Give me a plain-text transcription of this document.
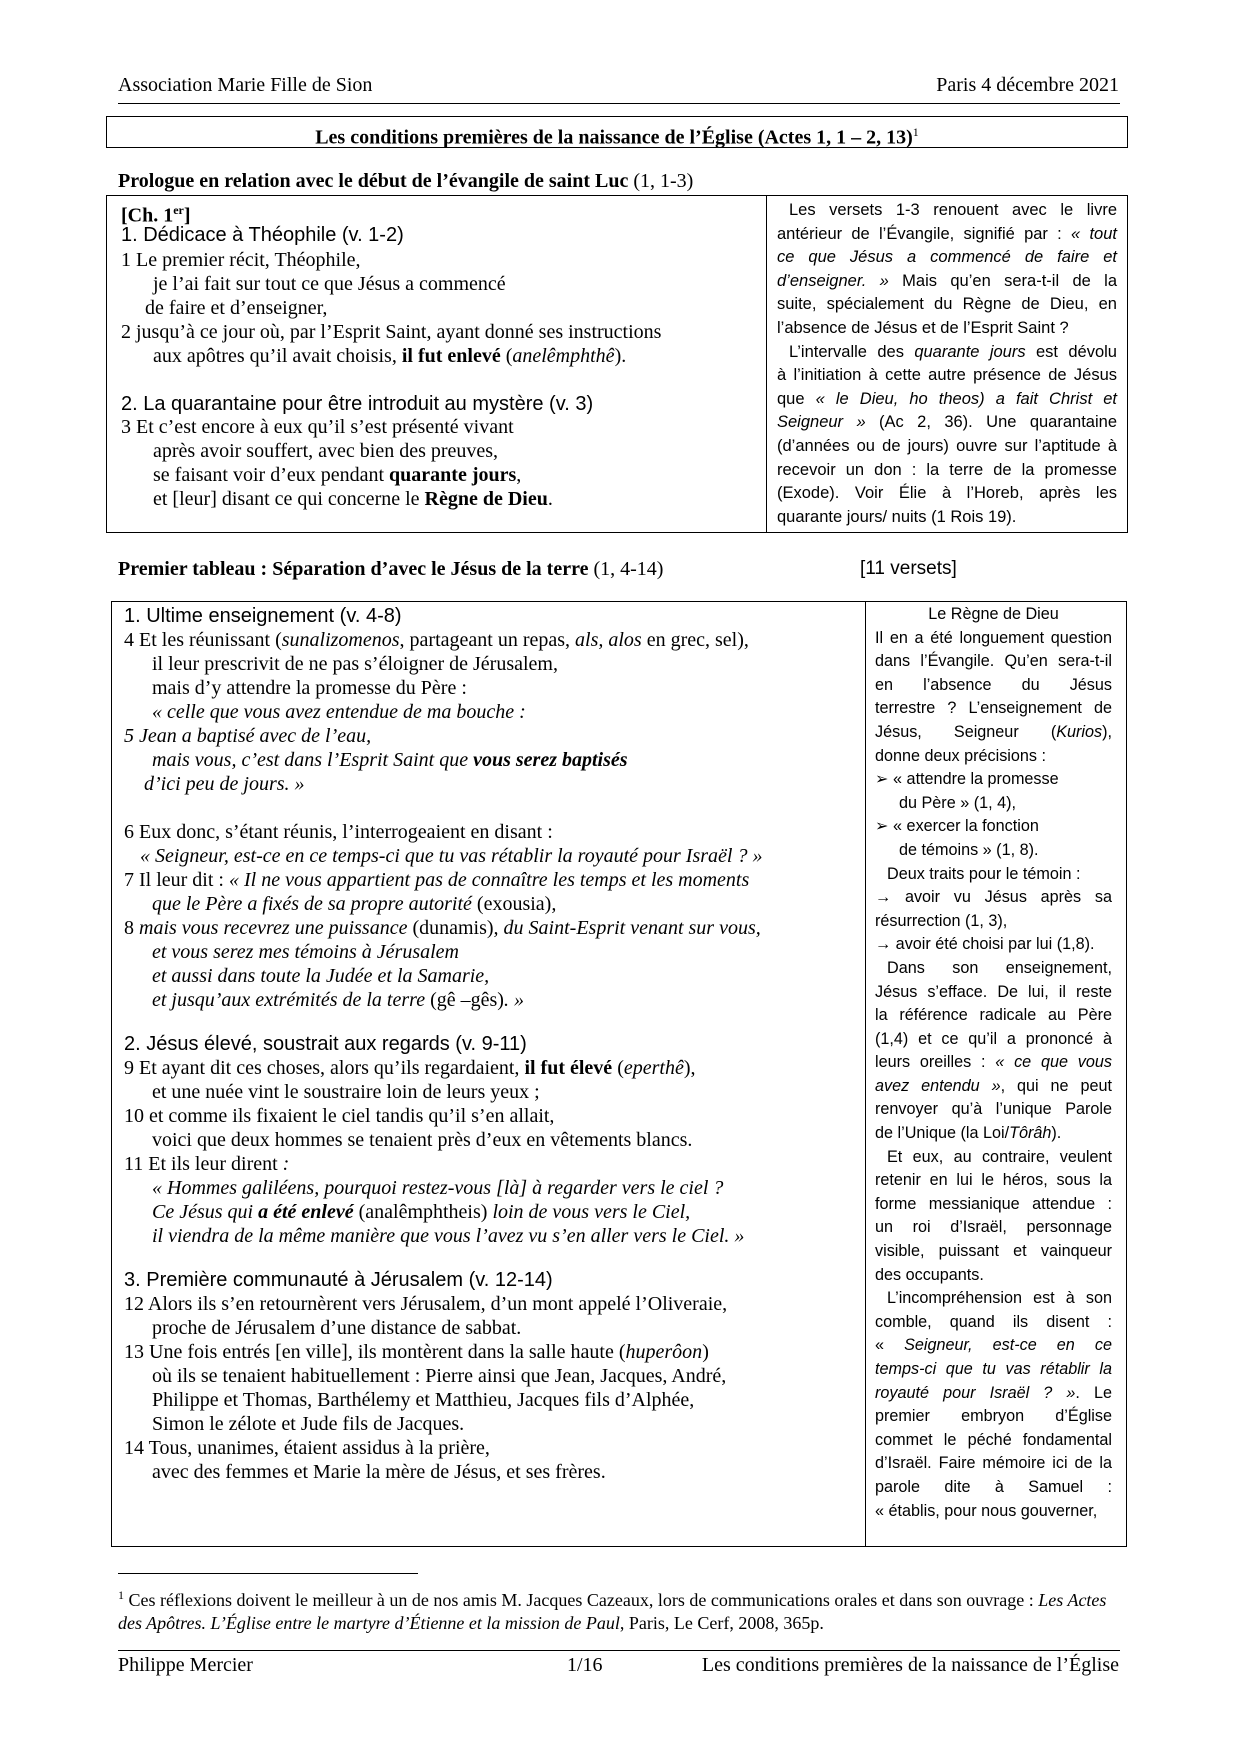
Association Marie Fille de Sion	Paris 4 décembre 2021
Les conditions premières de la naissance de l’Église (Actes 1, 1 – 2, 13)$^1$
Prologue en relation avec le début de l’évangile de saint Luc (1, 1-3)
[Ch. 1er]
1. Dédicace à Théophile (v. 1-2)
1 Le premier récit, Théophile,
je l’ai fait sur tout ce que Jésus a commencé
de faire et d’enseigner,
2 jusqu’à ce jour où, par l’Esprit Saint, ayant donné ses instructions
aux apôtres qu’il avait choisis, il fut enlevé (anelêmphthê).
2. La quarantaine pour être introduit au mystère (v. 3)
3 Et c’est encore à eux qu’il s’est présenté vivant
après avoir souffert, avec bien des preuves,
se faisant voir d’eux pendant quarante jours,
et [leur] disant ce qui concerne le Règne de Dieu.
Les versets 1-3 renouent avec le livre
antérieur de l’Évangile, signifié par : « tout
ce que Jésus a commencé de faire et
d’enseigner. » Mais qu’en sera-t-il de la
suite, spécialement du Règne de Dieu, en
l’absence de Jésus et de l’Esprit Saint ?
L’intervalle des quarante jours est dévolu
à l’initiation à cette autre présence de Jésus
que « le Dieu, ho theos) a fait Christ et
Seigneur » (Ac 2, 36). Une quarantaine
(d’années ou de jours) ouvre sur l’aptitude à
recevoir un don : la terre de la promesse
(Exode). Voir Élie à l’Horeb, après les
quarante jours/ nuits (1 Rois 19).
Premier tableau : Séparation d’avec le Jésus de la terre (1, 4-14)	[11 versets]
1. Ultime enseignement (v. 4-8)
4 Et les réunissant (sunalizomenos, partageant un repas, als, alos en grec, sel),
il leur prescrivit de ne pas s’éloigner de Jérusalem,
mais d’y attendre la promesse du Père :
« celle que vous avez entendue de ma bouche :
5 Jean a baptisé avec de l’eau,
mais vous, c’est dans l’Esprit Saint que vous serez baptisés
d’ici peu de jours. »
6 Eux donc, s’étant réunis, l’interrogeaient en disant :
« Seigneur, est-ce en ce temps-ci que tu vas rétablir la royauté pour Israël ? »
7 Il leur dit : « Il ne vous appartient pas de connaître les temps et les moments
que le Père a fixés de sa propre autorité (exousia),
8 mais vous recevrez une puissance (dunamis), du Saint-Esprit venant sur vous,
et vous serez mes témoins à Jérusalem
et aussi dans toute la Judée et la Samarie,
et jusqu’aux extrémités de la terre (gê –gês). »
2. Jésus élevé, soustrait aux regards (v. 9-11)
9 Et ayant dit ces choses, alors qu’ils regardaient, il fut élevé (eperthê),
et une nuée vint le soustraire loin de leurs yeux ;
10 et comme ils fixaient le ciel tandis qu’il s’en allait,
voici que deux hommes se tenaient près d’eux en vêtements blancs.
11 Et ils leur dirent :
« Hommes galiléens, pourquoi restez-vous [là] à regarder vers le ciel ?
Ce Jésus qui a été enlevé (analêmphtheis) loin de vous vers le Ciel,
il viendra de la même manière que vous l’avez vu s’en aller vers le Ciel. »
3. Première communauté à Jérusalem (v. 12-14)
12 Alors ils s’en retournèrent vers Jérusalem, d’un mont appelé l’Oliveraie,
proche de Jérusalem d’une distance de sabbat.
13 Une fois entrés [en ville], ils montèrent dans la salle haute (huperôon)
où ils se tenaient habituellement : Pierre ainsi que Jean, Jacques, André,
Philippe et Thomas, Barthélemy et Matthieu, Jacques fils d’Alphée,
Simon le zélote et Jude fils de Jacques.
14 Tous, unanimes, étaient assidus à la prière,
avec des femmes et Marie la mère de Jésus, et ses frères.
Le Règne de Dieu
Il en a été longuement question
dans l’Évangile. Qu’en sera-t-il
en l’absence du Jésus
terrestre ? L’enseignement de
Jésus, Seigneur (Kurios),
donne deux précisions :
➢ « attendre la promesse
du Père » (1, 4),
➢ « exercer la fonction
de témoins » (1, 8).
Deux traits pour le témoin :
→ avoir vu Jésus après sa
résurrection (1, 3),
→ avoir été choisi par lui (1,8).
Dans son enseignement,
Jésus s’efface. De lui, il reste
la référence radicale au Père
(1,4) et ce qu’il a prononcé à
leurs oreilles : « ce que vous
avez entendu », qui ne peut
renvoyer qu’à l’unique Parole
de l’Unique (la Loi/Tôrâh).
Et eux, au contraire, veulent
retenir en lui le héros, sous la
forme messianique attendue :
un roi d’Israël, personnage
visible, puissant et vainqueur
des occupants.
L’incompréhension est à son
comble, quand ils disent :
« Seigneur, est-ce en ce
temps-ci que tu vas rétablir la
royauté pour Israël ? ». Le
premier embryon d’Église
commet le péché fondamental
d’Israël. Faire mémoire ici de la
parole dite à Samuel :
« établis, pour nous gouverner,
$^1$ Ces réflexions doivent le meilleur à un de nos amis M. Jacques Cazeaux, lors de communications orales et dans son ouvrage : Les Actes des Apôtres. L’Église entre le martyre d’Étienne et la mission de Paul, Paris, Le Cerf, 2008, 365p.
Philippe Mercier	1/16	Les conditions premières de la naissance de l’Église
